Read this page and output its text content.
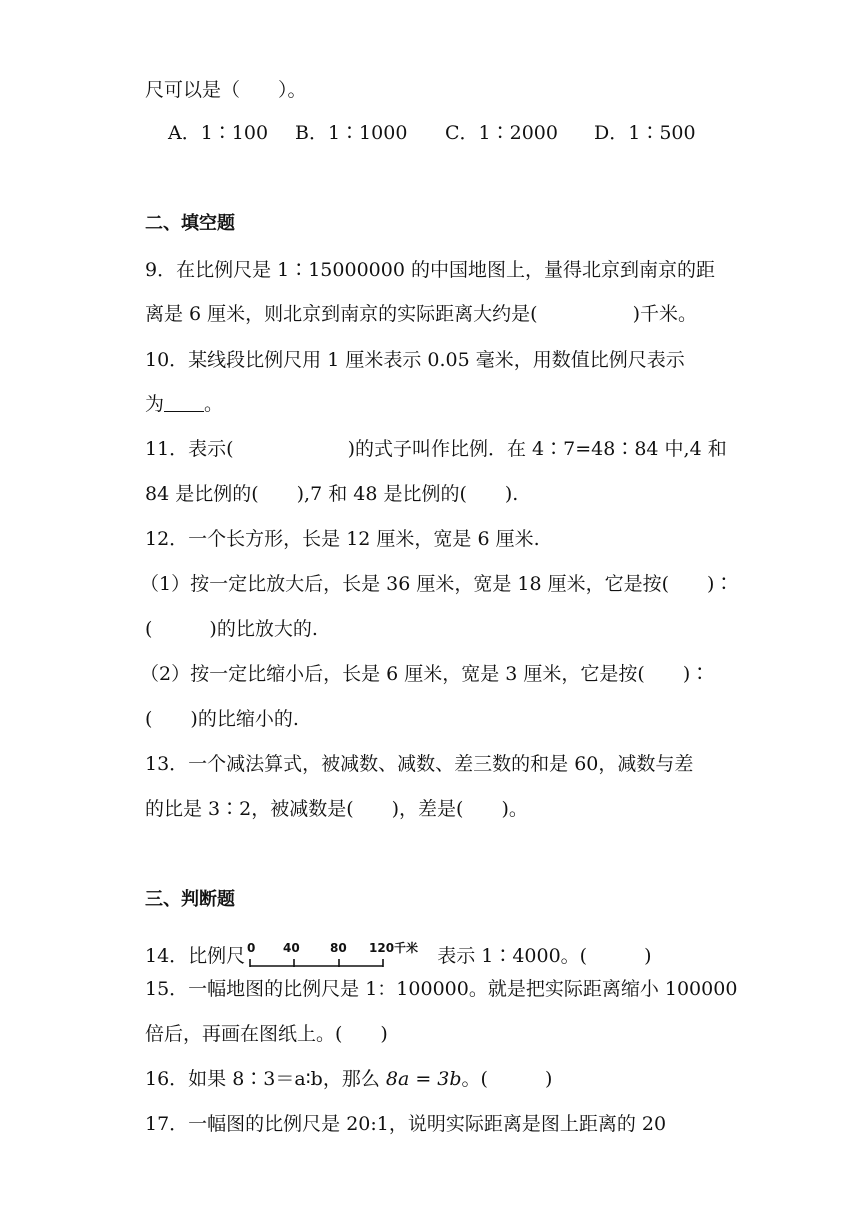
尺可以是（　　）。
A．1∶100 B．1∶1000 C．1∶2000 D．1∶500
二、填空题
9．在比例尺是 1∶15000000 的中国地图上，量得北京到南京的距
离是 6 厘米，则北京到南京的实际距离大约是(　　　　　)千米。
10．某线段比例尺用 1 厘米表示 0.05 毫米，用数值比例尺表示
为 。
11．表示(　　　　　　)的式子叫作比例．在 4∶7=48∶84 中,4 和
84 是比例的(　　),7 和 48 是比例的(　　).
12．一个长方形，长是 12 厘米，宽是 6 厘米.
（1）按一定比放大后，长是 36 厘米，宽是 18 厘米，它是按(　　)∶
(　　　)的比放大的.
（2）按一定比缩小后，长是 6 厘米，宽是 3 厘米，它是按(　　)∶
(　　)的比缩小的.
13．一个减法算式，被减数、减数、差三数的和是 60，减数与差
的比是 3∶2，被减数是(　　)，差是(　　)。
三、判断题
14．比例尺 0 40	80 120千米 表示 1∶4000。(　　　)
15．一幅地图的比例尺是 1：100000。就是把实际距离缩小 100000
倍后，再画在图纸上。(　　)
16．如果 8∶3＝a∶b，那么 8a = 3b。(　　　)
17．一幅图的比例尺是 20:1，说明实际距离是图上距离的 20
